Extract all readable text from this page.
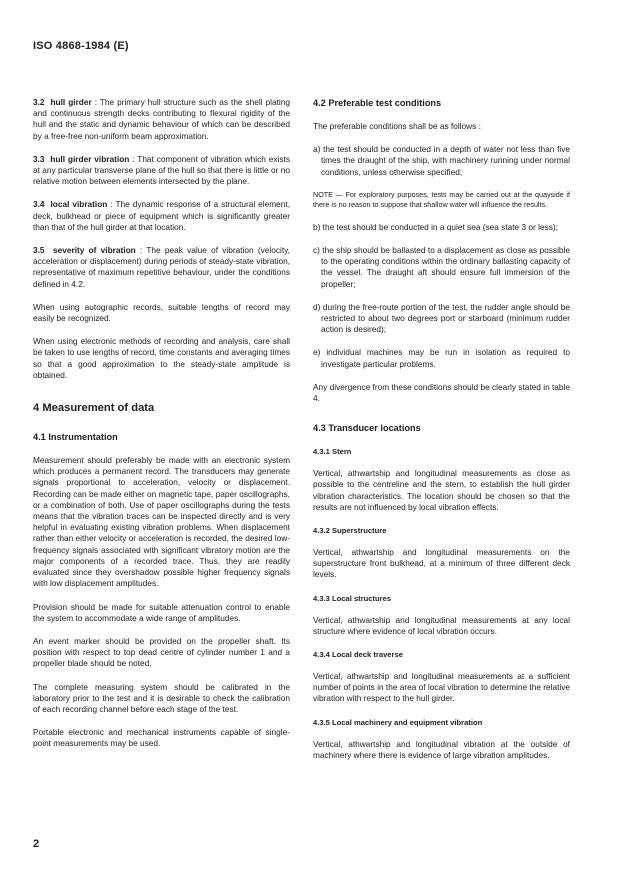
ISO 4868-1984 (E)

3.2 hull girder : The primary hull structure such as the shell plating and continuous strength decks contributing to flexural rigidity of the hull and the static and dynamic behaviour of which can be described by a free-free non-uniform beam approximation.

3.3 hull girder vibration : That component of vibration which exists at any particular transverse plane of the hull so that there is little or no relative motion between elements intersected by the plane.

3.4 local vibration : The dynamic response of a structural element, deck, bulkhead or piece of equipment which is significantly greater than that of the hull girder at that location.

3.5 severity of vibration : The peak value of vibration (velocity, acceleration or displacement) during periods of steady-state vibration, representative of maximum repetitive behaviour, under the conditions defined in 4.2.

When using autographic records, suitable lengths of record may easily be recognized.

When using electronic methods of recording and analysis, care shall be taken to use lengths of record, time constants and averaging times so that a good approximation to the steady-state amplitude is obtained.

4 Measurement of data
4.1 Instrumentation

Measurement should preferably be made with an electronic system which produces a permanent record. The transducers may generate signals proportional to acceleration, velocity or displacement. Recording can be made either on magnetic tape, paper oscillographs, or a combination of both. Use of paper oscillographs during the tests means that the vibration traces can be inspected directly and is very helpful in evaluating existing vibration problems. When displacement rather than either velocity or acceleration is recorded, the desired low-frequency signals associated with significant vibratory motion are the major components of a recorded trace. Thus, they are readily evaluated since they overshadow possible higher frequency signals with low displacement amplitudes.

Provision should be made for suitable attenuation control to enable the system to accommodate a wide range of amplitudes.

An event marker should be provided on the propeller shaft. Its position with respect to top dead centre of cylinder number 1 and a propeller blade should be noted.

The complete measuring system should be calibrated in the laboratory prior to the test and it is desirable to check the calibration of each recording channel before each stage of the test.

Portable electronic and mechanical instruments capable of single-point measurements may be used.

4.2 Preferable test conditions

The preferable conditions shall be as follows :

a) the test should be conducted in a depth of water not less than five times the draught of the ship, with machinery running under normal conditions, unless otherwise specified;

NOTE — For exploratory purposes, tests may be carried out at the quayside if there is no reason to suppose that shallow water will influence the results.

b) the test should be conducted in a quiet sea (sea state 3 or less);

c) the ship should be ballasted to a displacement as close as possible to the operating conditions within the ordinary ballasting capacity of the vessel. The draught aft should ensure full immersion of the propeller;

d) during the free-route portion of the test, the rudder angle should be restricted to about two degrees port or starboard (minimum rudder action is desired);

e) individual machines may be run in isolation as required to investigate particular problems.

Any divergence from these conditions should be clearly stated in table 4.

4.3 Transducer locations
4.3.1 Stern

Vertical, athwartship and longitudinal measurements as close as possible to the centreline and the stern, to establish the hull girder vibration characteristics. The location should be chosen so that the results are not influenced by local vibration effects.

4.3.2 Superstructure

Vertical, athwartship and longitudinal measurements on the superstructure front bulkhead, at a minimum of three different deck levels.

4.3.3 Local structures

Vertical, athwartship and longitudinal measurements at any local structure where evidence of local vibration occurs.

4.3.4 Local deck traverse

Vertical, athwartship and longitudinal measurements at a sufficient number of points in the area of local vibration to determine the relative vibration with respect to the hull girder.

4.3.5 Local machinery and equipment vibration

Vertical, athwartship and longitudinal vibration at the outside of machinery where there is evidence of large vibration amplitudes.

2
